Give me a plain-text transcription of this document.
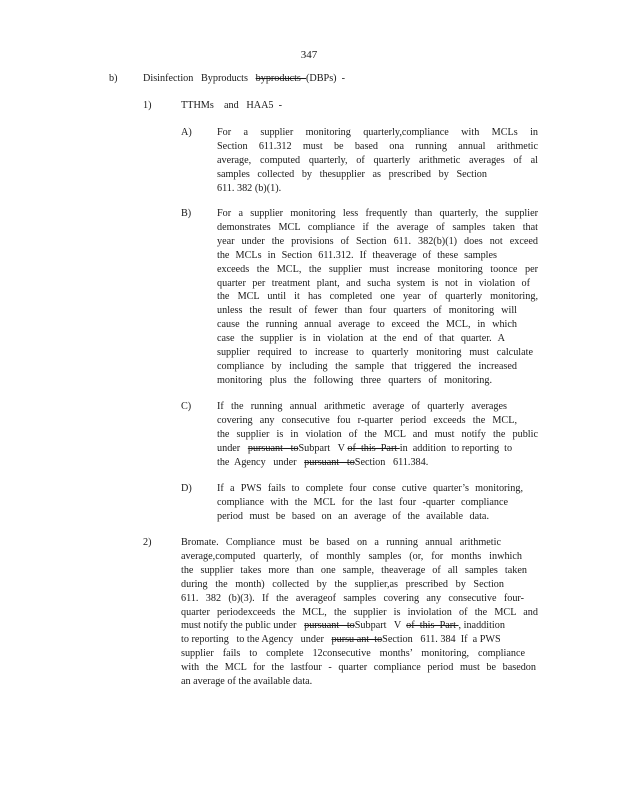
347
b)	Disinfection   Byproducts   byproducts  (DBPs)  -
1)	TTHMs    and   HAA5  -
A) For a supplier monitoring quarterly,compliance with MCLs in
Section 611.312 must be based ona running annual arithmetic
average, computed quarterly, of quarterly arithmetic averages of al
samples collected by thesupplier as prescribed by Section
611. 382 (b)(1).
B)	For a supplier monitoring less frequently than quarterly, the supplier
demonstrates MCL compliance if the average of samples taken that
year under the provisions of Section 611. 382(b)(1) does not exceed
the MCLs in Section 611.312. If theaverage of these samples
exceeds the MCL, the supplier must increase monitoring toonce per
quarter per treatment plant, and sucha system is not in violation of
the MCL until it has completed one year of quarterly monitoring,
unless the result of fewer than four quarters of monitoring will
cause the running annual average to exceed the MCL, in which
case the supplier is in violation at the end of that quarter. A
supplier required to increase to quarterly monitoring must calculate
compliance by including the sample that triggered the increased
monitoring plus the following three quarters of monitoring.
C)	If the running annual arithmetic average of quarterly averages
covering any consecutive fou r-quarter period exceeds the MCL,
the supplier is in violation of the MCL and must notify the public
under   pursuant   toSubpart   V of  this  Part in  addition  to reporting  to
the  Agency   under   pursuant   toSection   611.384.
D) If a PWS fails to complete four conse cutive quarter’s monitoring,
compliance with the MCL for the last four -quarter compliance
period must be based on an average of the available data.
2)	Bromate. Compliance must be based on a running annual arithmetic
average,computed quarterly, of monthly samples (or, for months inwhich
the supplier takes more than one sample, theaverage of all samples taken
during the month) collected by the supplier,as prescribed by Section
611. 382 (b)(3). If the averageof samples covering any consecutive four-
quarter periodexceeds the MCL, the supplier is inviolation of the MCL and
must notify the public under   pursuant   toSubpart   V  of  this  Part , inaddition
to reporting   to the Agency   under   pursu ant  toSection   611. 384  If  a PWS
supplier fails to complete 12consecutive months’ monitoring, compliance
with the MCL for the lastfour - quarter compliance period must be basedon
an average of the available data.
